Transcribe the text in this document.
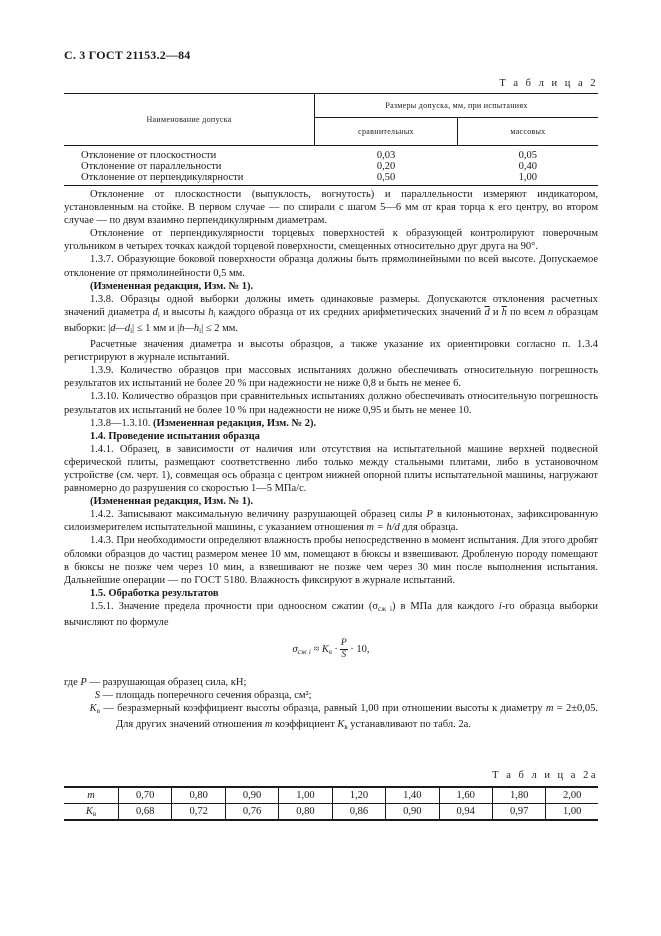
С. 3 ГОСТ 21153.2—84
Т а б л и ц а 2
Наименование допуска	Размеры допуска, мм, при испытаниях	
	сравнительных	массовых

Отклонение от плоскостности	0,03	0,05
Отклонение от параллельности	0,20	0,40
Отклонение от перпендикулярности	0,50	1,00

Отклонение от плоскостности (выпуклость, вогнутость) и параллельности измеряют индикатором, установленным на стойке. В первом случае — по спирали с шагом 5—6 мм от края торца к его центру, во втором случае — по двум взаимно перпендикулярным диаметрам.

Отклонение от перпендикулярности торцевых поверхностей к образующей контролируют поверочным угольником в четырех точках каждой торцевой поверхности, смещенных относительно друг друга на 90°.

1.3.7. Образующие боковой поверхности образца должны быть прямолинейными по всей высоте. Допускаемое отклонение от прямолинейности 0,5 мм.

(Измененная редакция, Изм. № 1).

1.3.8. Образцы одной выборки должны иметь одинаковые размеры. Допускаются отклонения расчетных значений диаметра $d_i$ и высоты $h_i$ каждого образца от их средних арифметических значений $\overline{d}$ и $\overline{h}$ по всем n образцам выборки: $|d—d_i| \le 1$ мм и $|h—h_i| \le 2$ мм.

Расчетные значения диаметра и высоты образцов, а также указание их ориентировки согласно п. 1.3.4 регистрируют в журнале испытаний.

1.3.9. Количество образцов при массовых испытаниях должно обеспечивать относительную погрешность результатов их испытаний не более 20 % при надежности не ниже 0,8 и быть не менее 6.

1.3.10. Количество образцов при сравнительных испытаниях должно обеспечивать относительную погрешность результатов их испытаний не более 10 % при надежности не ниже 0,95 и быть не менее 10.

1.3.8—1.3.10. (Измененная редакция, Изм. № 2).

1.4. Проведение испытания образца

1.4.1. Образец, в зависимости от наличия или отсутствия на испытательной машине верхней подвесной сферической плиты, размещают соответственно либо только между стальными плитами, либо в установочном устройстве (см. черт. 1), совмещая ось образца с центром нижней опорной плиты испытательной машины, нагружают равномерно до разрушения со скоростью 1—5 МПа/с.

(Измененная редакция, Изм. № 1).

1.4.2. Записывают максимальную величину разрушающей образец силы P в килоньютонах, зафиксированную силоизмерителем испытательной машины, с указанием отношения m = h/d для образца.

1.4.3. При необходимости определяют влажность пробы непосредственно в момент испытания. Для этого дробят обломки образцов до частиц размером менее 10 мм, помещают в бюксы и взвешивают. Дробленую породу помещают в бюксы не позже чем через 10 мин, а взвешивают не позже чем через 30 мин после выполнения испытания. Дальнейшие операции — по ГОСТ 5180. Влажность фиксируют в журнале испытаний.

1.5. Обработка результатов

1.5.1. Значение предела прочности при одноосном сжатии $(\sigma_{сж i})$ в МПа для каждого i-го образца выборки вычисляют по формуле

$\sigma_{сж i} \approx K_в \cdot \frac{P}{S} \cdot 10$,

где P — разрушающая образец сила, кН;

S — площадь поперечного сечения образца, см²;

$K_в$ — безразмерный коэффициент высоты образца, равный 1,00 при отношении высоты к диаметру m = 2±0,05. Для других значений отношения m коэффициент $K_в$ устанавливают по табл. 2а.

Т а б л и ц а 2а
m	0,70	0,80	0,90	1,00	1,20	1,40	1,60	1,80	2,00
$K_в$	0,68	0,72	0,76	0,80	0,86	0,90	0,94	0,97	1,00
